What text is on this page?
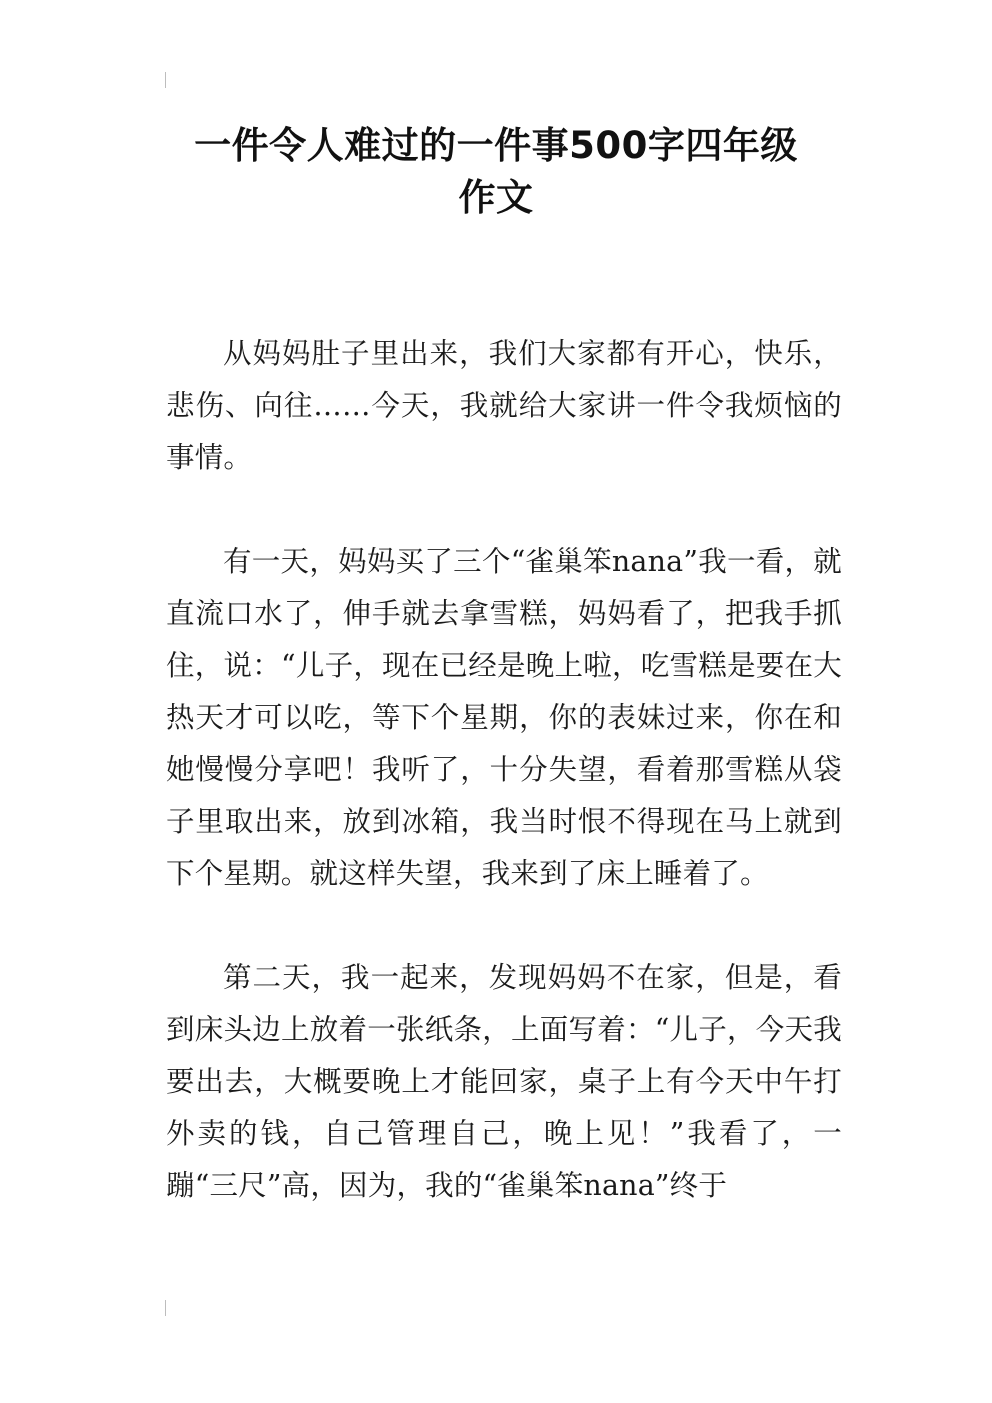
一件令人难过的一件事500字四年级
作文

从妈妈肚子里出来，我们大家都有开心，快乐，悲伤、向往……今天，我就给大家讲一件令我烦恼的事情。

有一天，妈妈买了三个“雀巢笨nana”我一看，就直流口水了，伸手就去拿雪糕，妈妈看了，把我手抓住，说：“儿子，现在已经是晚上啦，吃雪糕是要在大热天才可以吃，等下个星期，你的表妹过来，你在和她慢慢分享吧！我听了，十分失望，看着那雪糕从袋子里取出来，放到冰箱，我当时恨不得现在马上就到下个星期。就这样失望，我来到了床上睡着了。

第二天，我一起来，发现妈妈不在家，但是，看到床头边上放着一张纸条，上面写着：“儿子，今天我要出去，大概要晚上才能回家，桌子上有今天中午打外卖的钱，自己管理自己，晚上见！”我看了，一蹦“三尺”高，因为，我的“雀巢笨nana”终于
